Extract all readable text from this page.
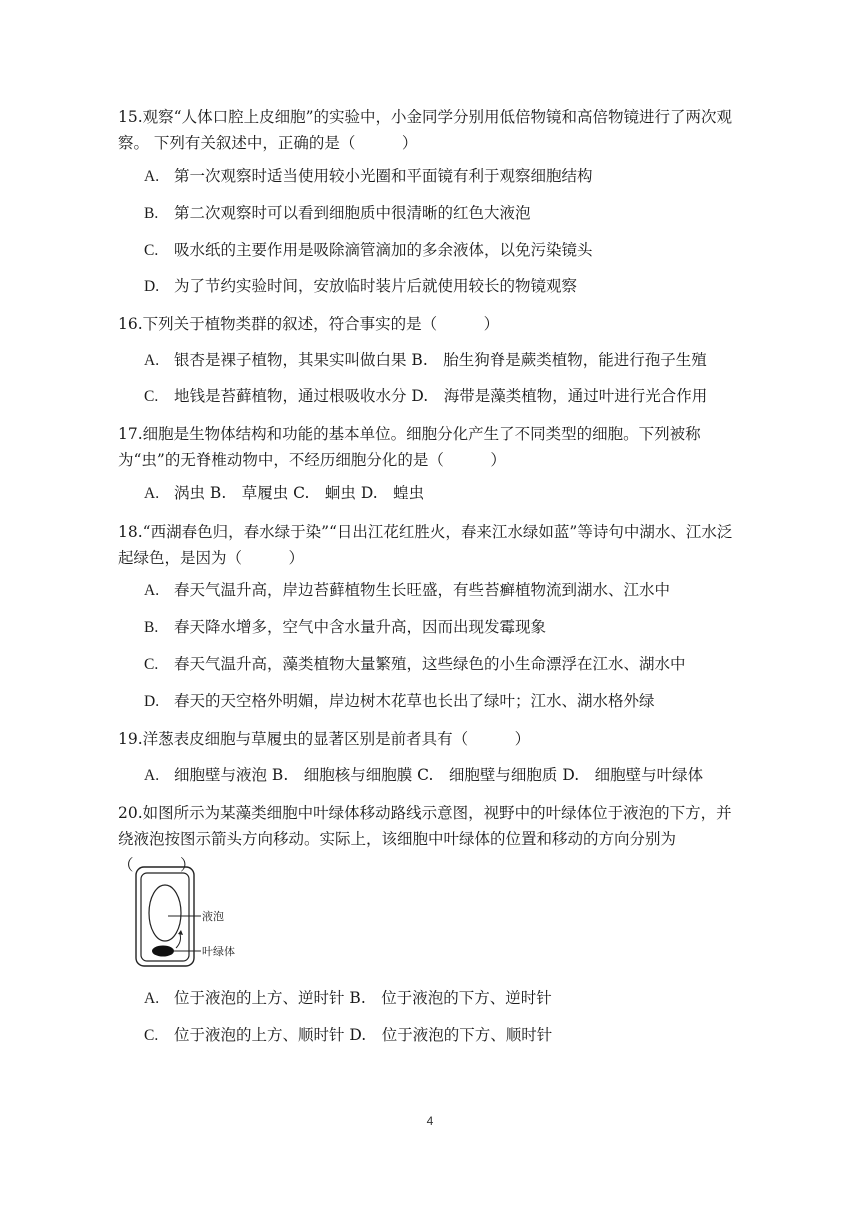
15.观察“人体口腔上皮细胞”的实验中，小金同学分别用低倍物镜和高倍物镜进行了两次观察。 下列有关叙述中，正确的是（　　　）
A. 第一次观察时适当使用较小光圈和平面镜有利于观察细胞结构
B. 第二次观察时可以看到细胞质中很清晰的红色大液泡
C. 吸水纸的主要作用是吸除滴管滴加的多余液体，以免污染镜头
D. 为了节约实验时间，安放临时装片后就使用较长的物镜观察
16.下列关于植物类群的叙述，符合事实的是（　　　）
A. 银杏是裸子植物，其果实叫做白果 B.　胎生狗脊是蕨类植物，能进行孢子生殖
C. 地钱是苔藓植物，通过根吸收水分 D.　海带是藻类植物，通过叶进行光合作用
17.细胞是生物体结构和功能的基本单位。细胞分化产生了不同类型的细胞。下列被称为“虫”的无脊椎动物中，不经历细胞分化的是（　　　）
A. 涡虫 B.　草履虫 C.　蛔虫 D.　蝗虫
18.“西湖春色归，春水绿于染”“日出江花红胜火，春来江水绿如蓝”等诗句中湖水、江水泛起绿色，是因为（　　　）
A. 春天气温升高，岸边苔藓植物生长旺盛，有些苔癣植物流到湖水、江水中
B. 春天降水增多，空气中含水量升高，因而出现发霉现象
C. 春天气温升高，藻类植物大量繁殖，这些绿色的小生命漂浮在江水、湖水中
D. 春天的天空格外明媚，岸边树木花草也长出了绿叶；江水、湖水格外绿
19.洋葱表皮细胞与草履虫的显著区别是前者具有（　　　）
A. 细胞壁与液泡 B.　细胞核与细胞膜 C.　细胞壁与细胞质 D.　细胞壁与叶绿体
20.如图所示为某藻类细胞中叶绿体移动路线示意图，视野中的叶绿体位于液泡的下方，并绕液泡按图示箭头方向移动。实际上，该细胞中叶绿体的位置和移动的方向分别为（　　　）
液泡
叶绿体
A. 位于液泡的上方、逆时针 B.　位于液泡的下方、逆时针
C. 位于液泡的上方、顺时针 D.　位于液泡的下方、顺时针
4
